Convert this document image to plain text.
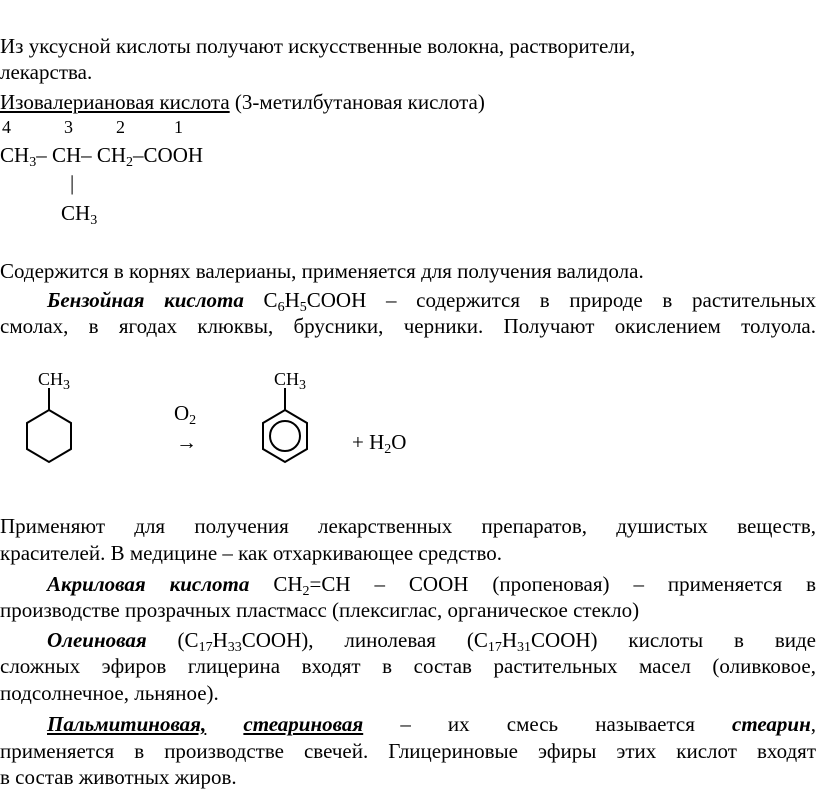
Из уксусной кислоты получают искусственные волокна, растворители,
лекарства.
Изовалериановая кислота (3-метилбутановая кислота)
4	3 2	1
$CH_3-$ CH– $CH_2$–COOH
|
$CH_3$
Содержится в корнях валерианы, применяется для получения валидола.
Бензойная кислота $C_6H_5COOH$ – содержится в природе в растительных
смолах, в ягодах клюквы, брусники, черники. Получают окислением толуола.
$CH_3$
$O_2$
→
$CH_3$
+ $H_2O$
Применяют для получения лекарственных препаратов, душистых веществ,
красителей. В медицине – как отхаркивающее средство.
Акриловая кислота $CH_2=CH$ – COOH (пропеновая) – применяется в
производстве прозрачных пластмасс (плексиглас, органическое стекло)
Олеиновая $(C_{17}H_{33}COOH)$, линолевая $(C_{17}H_{31}COOH)$ кислоты в виде
сложных эфиров глицерина входят в состав растительных масел (оливковое,
подсолнечное, льняное).
Пальмитиновая, стеариновая – их смесь называется стеарин,
применяется в производстве свечей. Глицериновые эфиры этих кислот входят
в состав животных жиров.
